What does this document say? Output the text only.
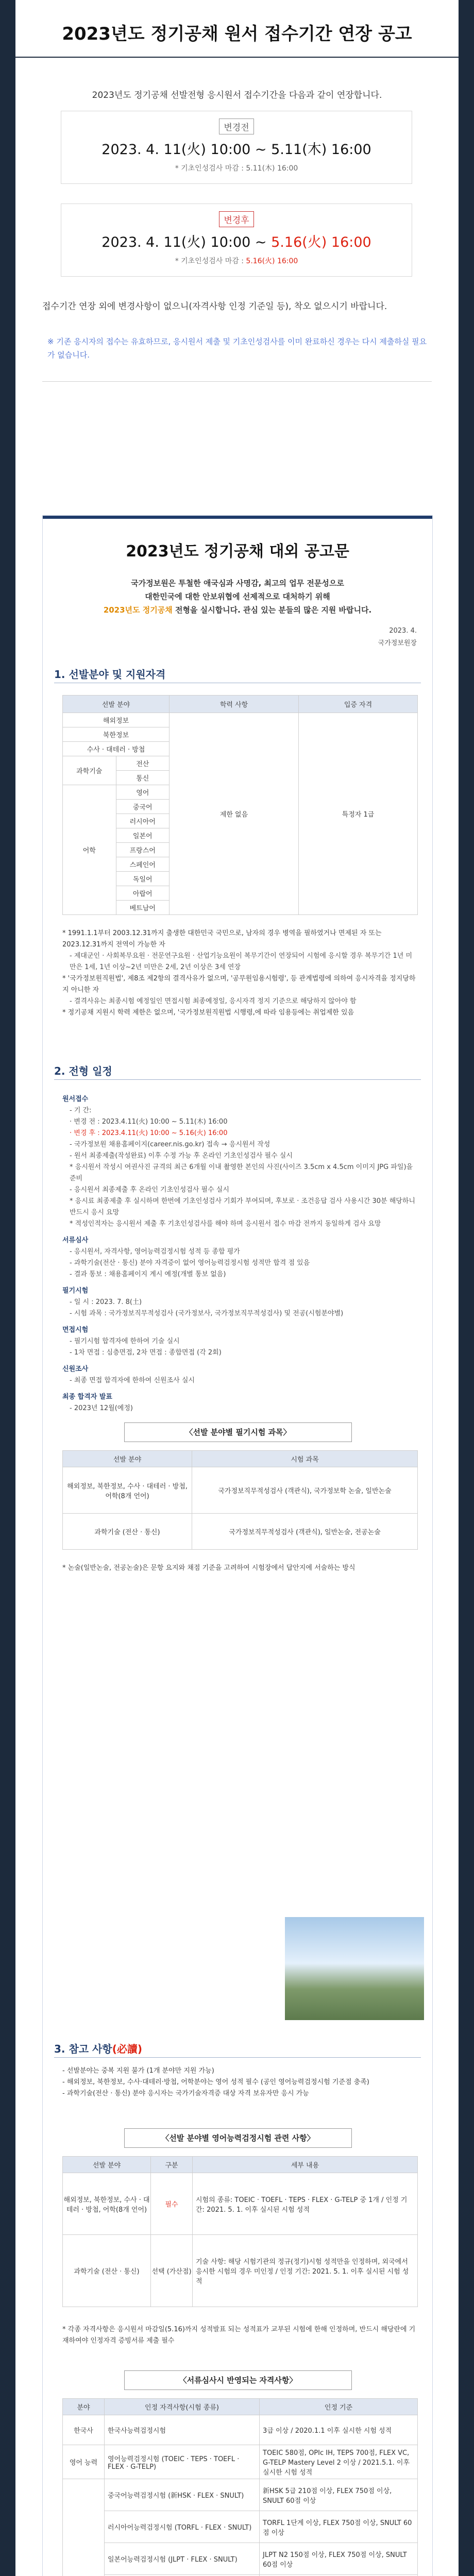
2023년도 정기공채 원서 접수기간 연장 공고
2023년도 정기공채 선발전형 응시원서 접수기간을 다음과 같이 연장합니다.
변경전
2023. 4. 11(火) 10:00 ~ 5.11(木) 16:00
* 기초인성검사 마감 : 5.11(木) 16:00
변경후
2023. 4. 11(火) 10:00 ~ 5.16(火) 16:00
* 기초인성검사 마감 : 5.16(火) 16:00
접수기간 연장 외에 변경사항이 없으니(자격사항 인정 기준일 등), 착오 없으시기 바랍니다.
※ 기존 응시자의 접수는 유효하므로, 응시원서 제출 및 기초인성검사를 이미 완료하신 경우는 다시 제출하실 필요가 없습니다.
2023년도 정기공채 대외 공고문
국가정보원은 투철한 애국심과 사명감, 최고의 업무 전문성으로
대한민국에 대한 안보위협에 선제적으로 대처하기 위해
2023년도 정기공채 전형을 실시합니다. 관심 있는 분들의 많은 지원 바랍니다.
2023. 4.
국가정보원장
1. 선발분야 및 지원자격
선발 분야		학력 사항	입증 자격
해외정보		제한 없음	특정자 1급
북한정보			
수사 · 대테러 · 방첩			
과학기술	전산		
	통신		
어학	영어		
	중국어		
	러시아어		
	일본어		
	프랑스어		
	스페인어		
	독일어		
	아랍어		
	베트남어		

* 1991.1.1부터 2003.12.31까지 출생한 대한민국 국민으로, 남자의 경우 병역을 필하였거나 면제된 자 또는 2023.12.31까지 전역이 가능한 자

- 제대군인 · 사회복무요원 · 전문연구요원 · 산업기능요원이 복무기간이 연장되어 시험에 응시할 경우 복무기간 1년 미만은 1세, 1년 이상~2년 미만은 2세, 2년 이상은 3세 연장

* '국가정보원직원법', 제8조 제2항의 결격사유가 없으며, '공무원임용시험령', 등 관계법령에 의하여 응시자격을 정지당하지 아니한 자

- 결격사유는 최종시험 예정일인 면접시험 최종예정일, 응시자격 정지 기준으로 해당하지 않아야 함

* 정기공채 지원시 학력 제한은 없으며, '국가정보원직원법 시행령,에 따라 임용등에는 취업제한 있음

2. 전형 일정

원서접수

- 기 간:

· 변경 전 : 2023.4.11(火) 10:00 ~ 5.11(木) 16:00

· 변경 후 : 2023.4.11(火) 10:00 ~ 5.16(火) 16:00

- 국가정보원 채용홈페이지(career.nis.go.kr) 접속 → 응시원서 작성

- 원서 최종제출(작성완료) 이후 수정 가능 후 온라인 기초인성검사 필수 실시

* 응시원서 작성시 여권사진 규격의 최근 6개월 이내 촬영한 본인의 사진(사이즈 3.5cm x 4.5cm 이미지 JPG 파일)을 준비

- 응시원서 최종제출 후 온라인 기초인성검사 필수 실시

* 응시료 최종제출 후 실시하며 한번에 기초인성검사 기회가 부여되며, 후보로 · 조건응답 검사 사용시간 30분 해당하니 반드시 응시 요망

* 적성인적자는 응시원서 제출 후 기초인성검사를 해야 하며 응시원서 접수 마감 전까지 동일하게 검사 요망

서류심사

- 응시원서, 자격사항, 영어능력검정시험 성적 등 종합 평가

- 과학기술(전산 · 통신) 분야 자격증이 없어 영어능력검정시험 성적만 합격 점 있음

- 결과 통보 : 채용홈페이지 계시 예정(개별 통보 없음)

필기시험

- 일 시 : 2023. 7. 8(土)

- 시험 과목 : 국가정보직무적성검사 (국가정보사, 국가정보직무적성검사) 및 전공(시험분야별)

면접시험

- 필기시험 합격자에 한하여 기술 실시

- 1차 면접 : 심층면접, 2차 면접 : 종합면접 (각 2회)

신원조사

- 최종 면접 합격자에 한하여 신원조사 실시

최종 합격자 발표

- 2023년 12월(예정)

〈선발 분야별 필기시험 과목〉
선발 분야	시험 과목
해외정보, 북한정보, 수사 · 대테러 · 방첩, 어학(8개 언어)	국가정보직무적성검사 (객관식), 국가정보학 논술, 일반논술
과학기술 (전산 · 통신)	국가정보직무적성검사 (객관식), 일반논술, 전공논술

* 논술(일반논술, 전공논술)은 문항 요지와 채점 기준을 고려하여 시험장에서 답안지에 서술하는 방식

3. 참고 사항(必讀)

- 선발분야는 중복 지원 불가 (1개 분야만 지원 가능)

- 해외정보, 북한정보, 수사·대테러·방첩, 어학분야는 영어 성적 필수 (공인 영어능력검정시험 기준점 충족)

- 과학기술(전산 · 통신) 분야 응시자는 국가기술자격증 대상 자격 보유자만 응시 가능

〈선발 분야별 영어능력검정시험 관련 사항〉
선발 분야	구분	세부 내용
해외정보, 북한정보, 수사 · 대테러 · 방첩, 어학(8개 언어)	필수	시험의 종류: TOEIC · TOEFL · TEPS · FLEX · G-TELP 중 1개 / 인정 기간: 2021. 5. 1. 이후 실시된 시험 성적
과학기술 (전산 · 통신)	선택 (가산점)	기술 사항: 해당 시험기관의 정규(정기)시험 성적만을 인정하며, 외국에서 응시한 시험의 경우 미인정 / 인정 기간: 2021. 5. 1. 이후 실시된 시험 성적

* 각종 자격사항은 응시원서 마감일(5.16)까지 성적발표 되는 성적표가 교부된 시험에 한해 인정하며, 반드시 해당란에 기재하여야 인정자격 증빙서류 제출 필수

〈서류심사시 반영되는 자격사항〉
분야	인정 자격사항(시험 종류)	인정 기준
한국사	한국사능력검정시험	3급 이상 / 2020.1.1 이후 실시한 시험 성적
영어 능력	영어능력검정시험 (TOEIC · TEPS · TOEFL · FLEX · G-TELP)	TOEIC 580점, OPIc IH, TEPS 700점, FLEX VC, G-TELP Mastery Level 2 이상 / 2021.5.1. 이후 실시한 시험 성적
	중국어능력검정시험 (新HSK · FLEX · SNULT)	新HSK 5급 210점 이상, FLEX 750점 이상, SNULT 60점 이상
	러시아어능력검정시험 (TORFL · FLEX · SNULT)	TORFL 1단계 이상, FLEX 750점 이상, SNULT 60점 이상
	일본어능력검정시험 (JLPT · FLEX · SNULT)	JLPT N2 150점 이상, FLEX 750점 이상, SNULT 60점 이상
